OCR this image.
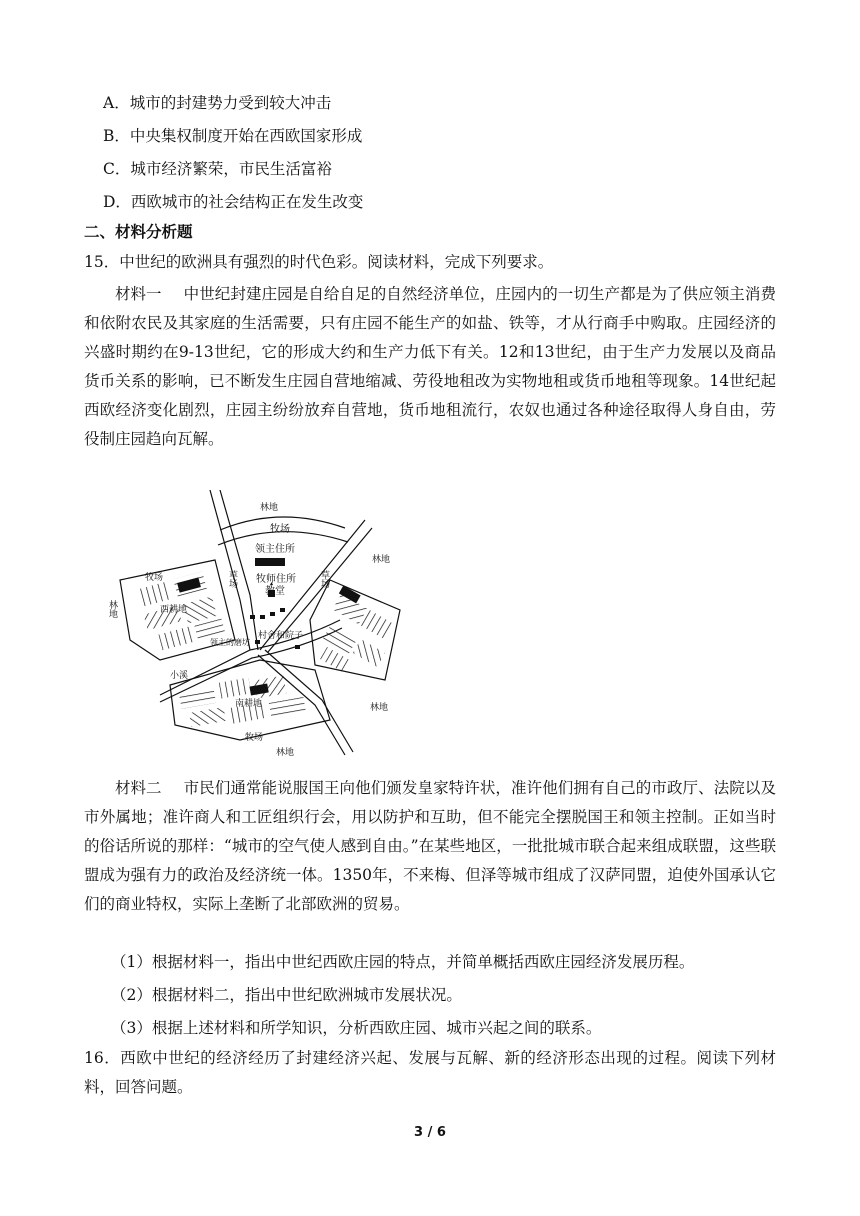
A．城市的封建势力受到较大冲击
B．中央集权制度开始在西欧国家形成
C．城市经济繁荣，市民生活富裕
D．西欧城市的社会结构正在发生改变
二、材料分析题
15．中世纪的欧洲具有强烈的时代色彩。阅读材料，完成下列要求。
材料一 中世纪封建庄园是自给自足的自然经济单位，庄园内的一切生产都是为了供应领主消费和依附农民及其家庭的生活需要，只有庄园不能生产的如盐、铁等，才从行商手中购取。庄园经济的兴盛时期约在9-13世纪，它的形成大约和生产力低下有关。12和13世纪，由于生产力发展以及商品货币关系的影响，已不断发生庄园自营地缩减、劳役地租改为实物地租或货币地租等现象。14世纪起西欧经济变化剧烈，庄园主纷纷放弃自营地，货币地租流行，农奴也通过各种途径取得人身自由，劳役制庄园趋向瓦解。
林地
牧场
领主住所
草场 牧师住所
教堂
草场
林地
牧场
西耕地
林地
村舍和院子
领主的磨坊
小溪
南耕地	林地
牧场
林地
材料二 市民们通常能说服国王向他们颁发皇家特许状，准许他们拥有自己的市政厅、法院以及市外属地；准许商人和工匠组织行会，用以防护和互助，但不能完全摆脱国王和领主控制。正如当时的俗话所说的那样：“城市的空气使人感到自由。”在某些地区，一批批城市联合起来组成联盟，这些联盟成为强有力的政治及经济统一体。1350年，不来梅、但泽等城市组成了汉萨同盟，迫使外国承认它们的商业特权，实际上垄断了北部欧洲的贸易。
（1）根据材料一，指出中世纪西欧庄园的特点，并简单概括西欧庄园经济发展历程。
（2）根据材料二，指出中世纪欧洲城市发展状况。
（3）根据上述材料和所学知识，分析西欧庄园、城市兴起之间的联系。
16．西欧中世纪的经济经历了封建经济兴起、发展与瓦解、新的经济形态出现的过程。阅读下列材料，回答问题。
3 / 6
